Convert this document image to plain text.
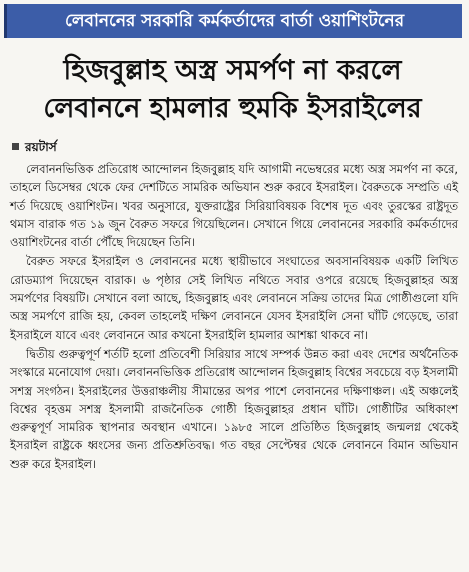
লেবাননের সরকারি কর্মকর্তাদের বার্তা ওয়াশিংটনের
হিজবুল্লাহ অস্ত্র সমর্পণ না করলে
লেবাননে হামলার হুমকি ইসরাইলের
রয়টার্স

লেবাননভিত্তিক প্রতিরোধ আন্দোলন হিজবুল্লাহ যদি আগামী নভেম্বরের মধ্যে অস্ত্র সমর্পণ না করে, তাহলে ডিসেম্বর থেকে ফের দেশটিতে সামরিক অভিযান শুরু করবে ইসরাইল। বৈরুতকে সম্প্রতি এই শর্ত দিয়েছে ওয়াশিংটন। খবর অনুসারে, যুক্তরাষ্ট্রের সিরিয়াবিষয়ক বিশেষ দূত এবং তুরস্কের রাষ্ট্রদূত থমাস বারাক গত ১৯ জুন বৈরুত সফরে গিয়েছিলেন। সেখানে গিয়ে লেবাননের সরকারি কর্মকর্তাদের ওয়াশিংটনের বার্তা পৌঁছে দিয়েছেন তিনি।

বৈরুত সফরে ইসরাইল ও লেবাননের মধ্যে স্থায়ীভাবে সংঘাতের অবসানবিষয়ক একটি লিখিত রোডম্যাপ দিয়েছেন বারাক। ৬ পৃষ্ঠার সেই লিখিত নথিতে সবার ওপরে রয়েছে হিজবুল্লাহর অস্ত্র সমর্পণের বিষয়টি। সেখানে বলা আছে, হিজবুল্লাহ এবং লেবাননে সক্রিয় তাদের মিত্র গোষ্ঠীগুলো যদি অস্ত্র সমর্পণে রাজি হয়, কেবল তাহলেই দক্ষিণ লেবাননে যেসব ইসরাইলি সেনা ঘাঁটি গেড়েছে, তারা ইসরাইলে যাবে এবং লেবাননে আর কখনো ইসরাইলি হামলার আশঙ্কা থাকবে না।

দ্বিতীয় গুরুত্বপূর্ণ শর্তটি হলো প্রতিবেশী সিরিয়ার সাথে সম্পর্ক উন্নত করা এবং দেশের অর্থনৈতিক সংস্কারে মনোযোগ দেয়া। লেবাননভিত্তিক প্রতিরোধ আন্দোলন হিজবুল্লাহ বিশ্বের সবচেয়ে বড় ইসলামী সশস্ত্র সংগঠন। ইসরাইলের উত্তরাঞ্চলীয় সীমান্তের অপর পাশে লেবাননের দক্ষিণাঞ্চল। এই অঞ্চলেই বিশ্বের বৃহত্তম সশস্ত্র ইসলামী রাজনৈতিক গোষ্ঠী হিজবুল্লাহর প্রধান ঘাঁটি। গোষ্ঠীটির অধিকাংশ গুরুত্বপূর্ণ সামরিক স্থাপনার অবস্থান এখানে। ১৯৮৫ সালে প্রতিষ্ঠিত হিজবুল্লাহ জন্মলগ্ন থেকেই ইসরাইল রাষ্ট্রকে ধ্বংসের জন্য প্রতিশ্রুতিবদ্ধ। গত বছর সেপ্টেম্বর থেকে লেবাননে বিমান অভিযান শুরু করে ইসরাইল।
